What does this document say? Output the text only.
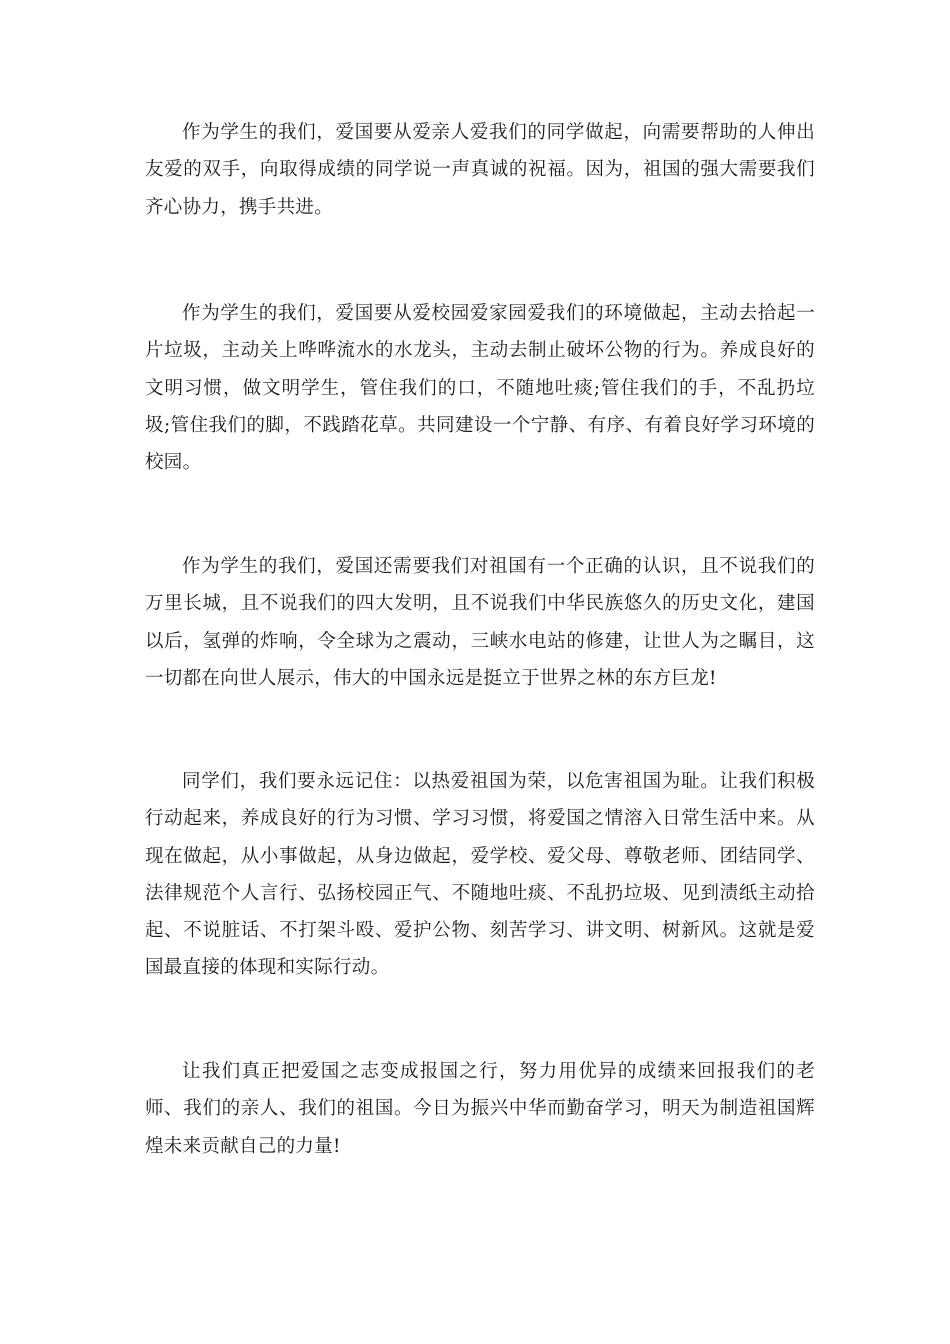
作为学生的我们，爱国要从爱亲人爱我们的同学做起，向需要帮助的人伸出友爱的双手，向取得成绩的同学说一声真诚的祝福。因为，祖国的强大需要我们齐心协力，携手共进。

作为学生的我们，爱国要从爱校园爱家园爱我们的环境做起，主动去拾起一片垃圾，主动关上哗哗流水的水龙头，主动去制止破坏公物的行为。养成良好的文明习惯，做文明学生，管住我们的口，不随地吐痰;管住我们的手，不乱扔垃圾;管住我们的脚，不践踏花草。共同建设一个宁静、有序、有着良好学习环境的校园。

作为学生的我们，爱国还需要我们对祖国有一个正确的认识，且不说我们的万里长城，且不说我们的四大发明，且不说我们中华民族悠久的历史文化，建国以后，氢弹的炸响，令全球为之震动，三峡水电站的修建，让世人为之瞩目，这一切都在向世人展示，伟大的中国永远是挺立于世界之林的东方巨龙!

同学们，我们要永远记住：以热爱祖国为荣，以危害祖国为耻。让我们积极行动起来，养成良好的行为习惯、学习习惯，将爱国之情溶入日常生活中来。从现在做起，从小事做起，从身边做起，爱学校、爱父母、尊敬老师、团结同学、法律规范个人言行、弘扬校园正气、不随地吐痰、不乱扔垃圾、见到渍纸主动拾起、不说脏话、不打架斗殴、爱护公物、刻苦学习、讲文明、树新风。这就是爱国最直接的体现和实际行动。

让我们真正把爱国之志变成报国之行，努力用优异的成绩来回报我们的老师、我们的亲人、我们的祖国。今日为振兴中华而勤奋学习，明天为制造祖国辉煌未来贡献自己的力量!
